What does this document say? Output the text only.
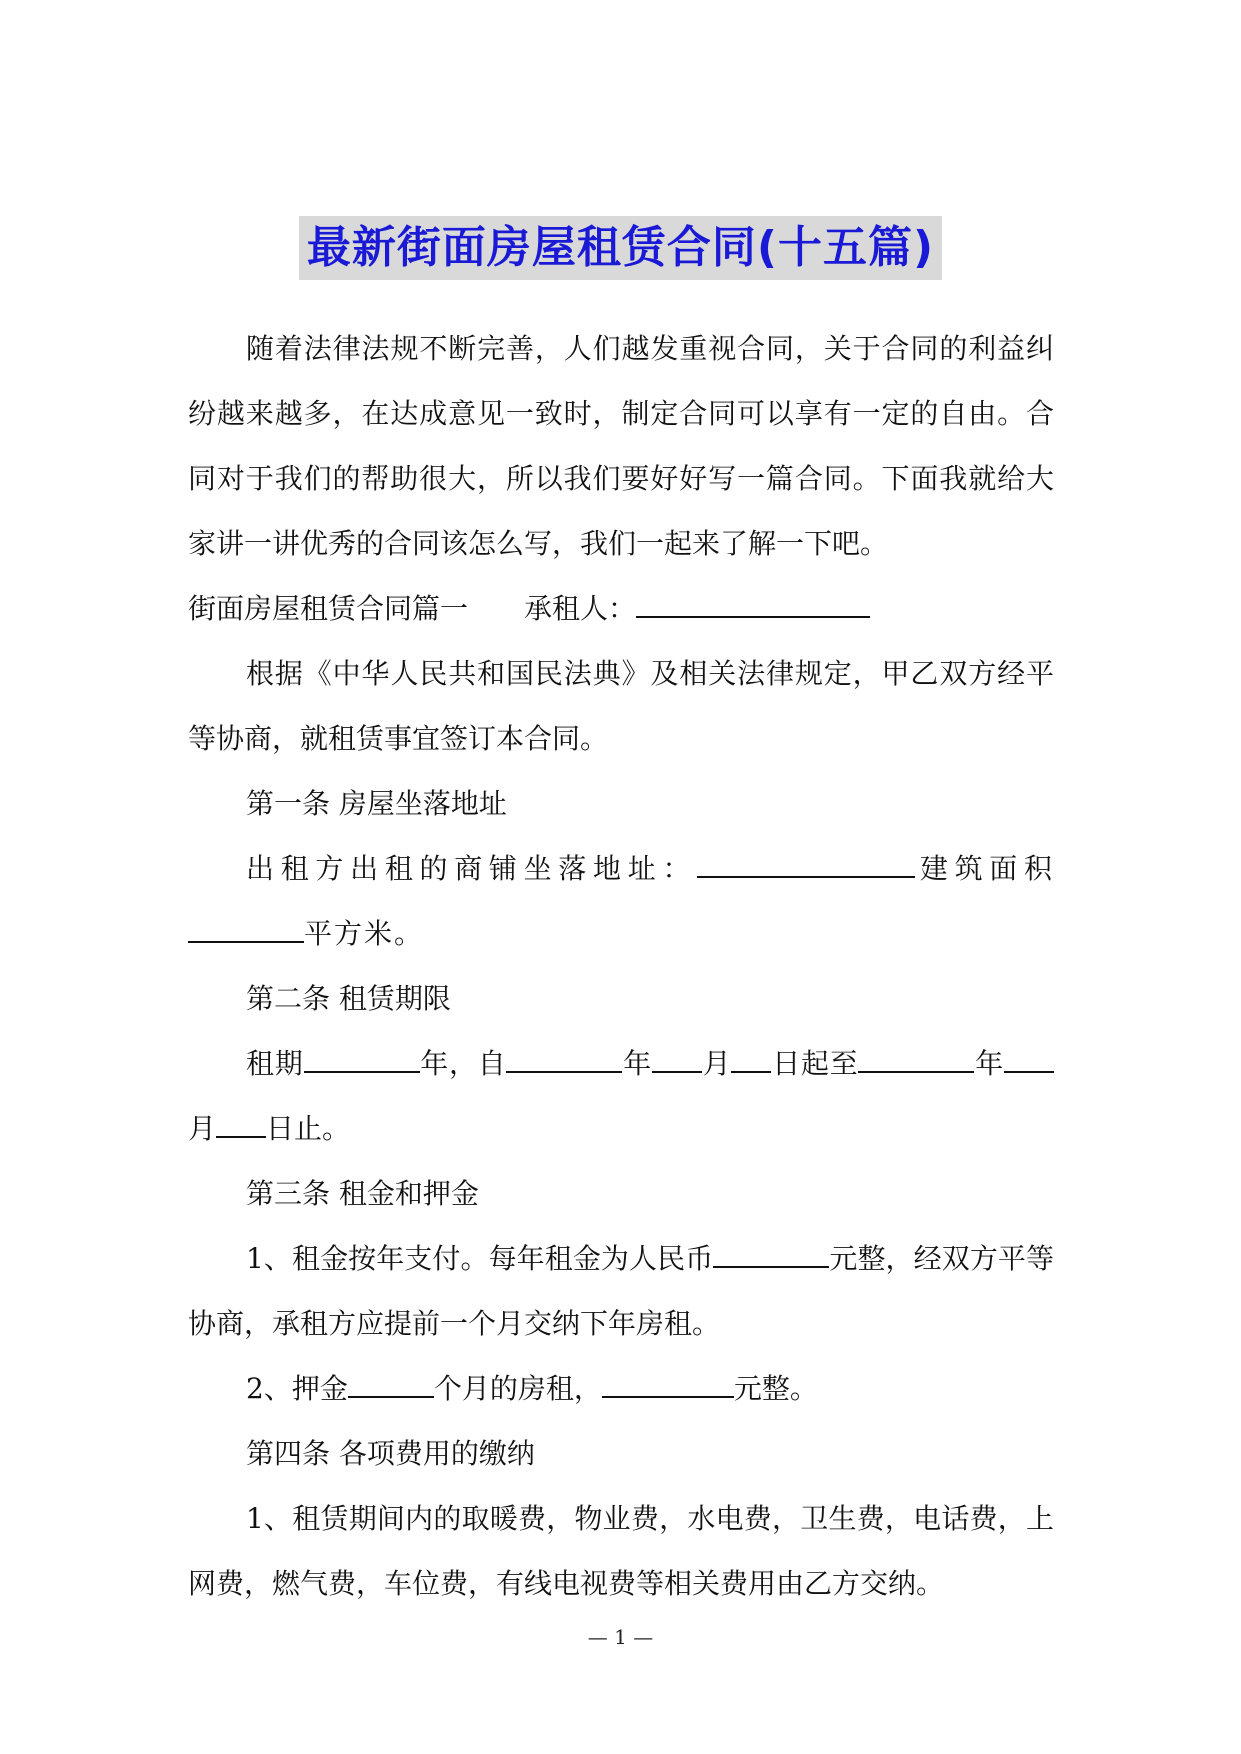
最新街面房屋租赁合同(十五篇)

随着法律法规不断完善，人们越发重视合同，关于合同的利益纠纷越来越多，在达成意见一致时，制定合同可以享有一定的自由。合同对于我们的帮助很大，所以我们要好好写一篇合同。下面我就给大家讲一讲优秀的合同该怎么写，我们一起来了解一下吧。

街面房屋租赁合同篇一 承租人：

根据《中华人民共和国民法典》及相关法律规定，甲乙双方经平等协商，就租赁事宜签订本合同。

第一条 房屋坐落地址

出租方出租的商铺坐落地址：	建筑面积平方米。

第二条 租赁期限

租期	年，自	年 月 日起至	年月 日止。

第三条 租金和押金

1、租金按年支付。每年租金为人民币	元整，经双方平等协商，承租方应提前一个月交纳下年房租。

2、押金	个月的房租，	元整。

第四条 各项费用的缴纳

1、租赁期间内的取暖费，物业费，水电费，卫生费，电话费，上网费，燃气费，车位费，有线电视费等相关费用由乙方交纳。

— 1 —
